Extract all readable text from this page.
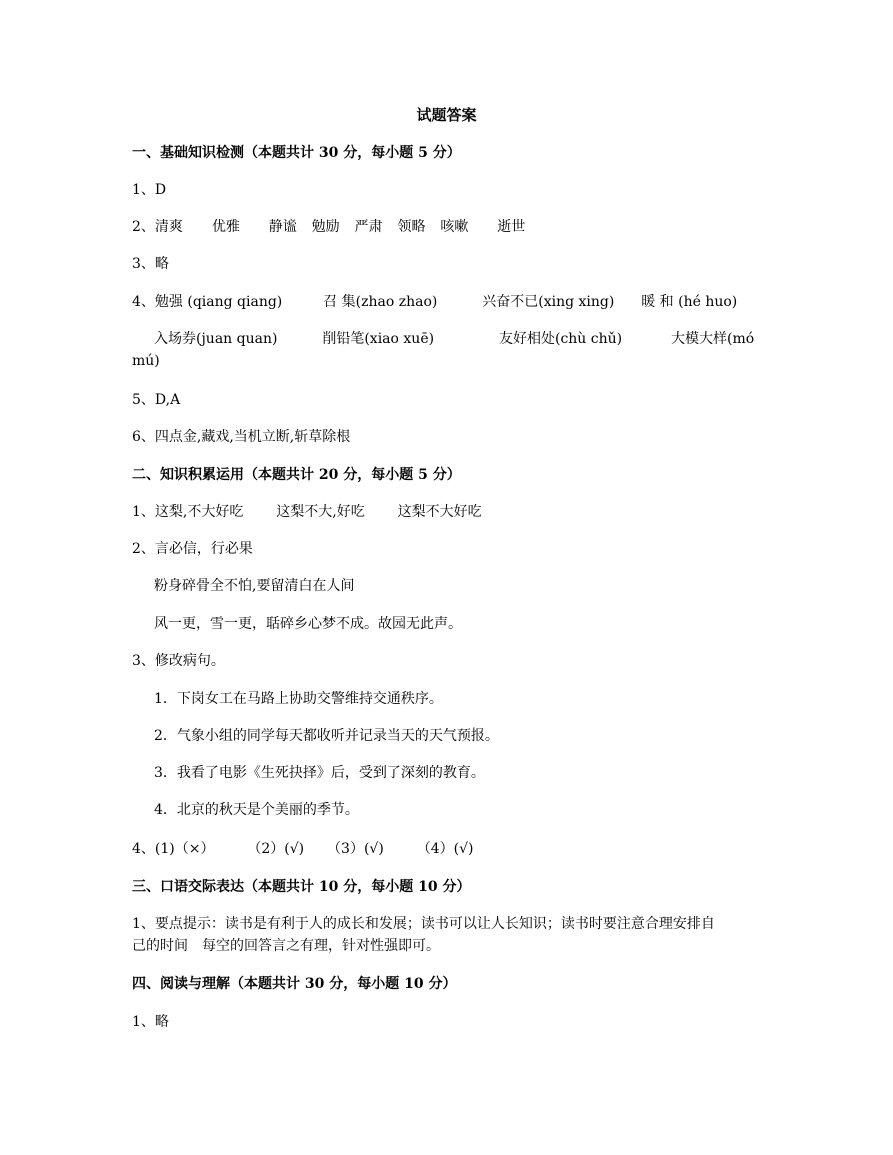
试题答案
一、基础知识检测（本题共计 30 分，每小题 5 分）
1、D
2、清爽 优雅 静谧 勉励 严肃 领略 咳嗽 逝世
3、略
4、勉强 (qiang qiang)	召 集(zhao zhao)	兴奋不已(xing xing) 暖 和 (hé huo)
入场券(juan quan)	削铅笔(xiao xuē)	友好相处(chù chǔ)	大模大样(mó
mú)
5、D,A
6、四点金,藏戏,当机立断,斩草除根
二、知识积累运用（本题共计 20 分，每小题 5 分）
1、这梨,不大好吃 这梨不大,好吃 这梨不大好吃
2、言必信，行必果
粉身碎骨全不怕,要留清白在人间
风一更，雪一更，聒碎乡心梦不成。故园无此声。
3、修改病句。
1．下岗女工在马路上协助交警维持交通秩序。
2．气象小组的同学每天都收听并记录当天的天气预报。
3．我看了电影《生死抉择》后，受到了深刻的教育。
4．北京的秋天是个美丽的季节。
4、(1)（×） （2）(√) （3）(√) （4）(√)
三、口语交际表达（本题共计 10 分，每小题 10 分）
1、要点提示：读书是有利于人的成长和发展；读书可以让人长知识；读书时要注意合理安排自
己的时间　每空的回答言之有理，针对性强即可。
四、阅读与理解（本题共计 30 分，每小题 10 分）
1、略
